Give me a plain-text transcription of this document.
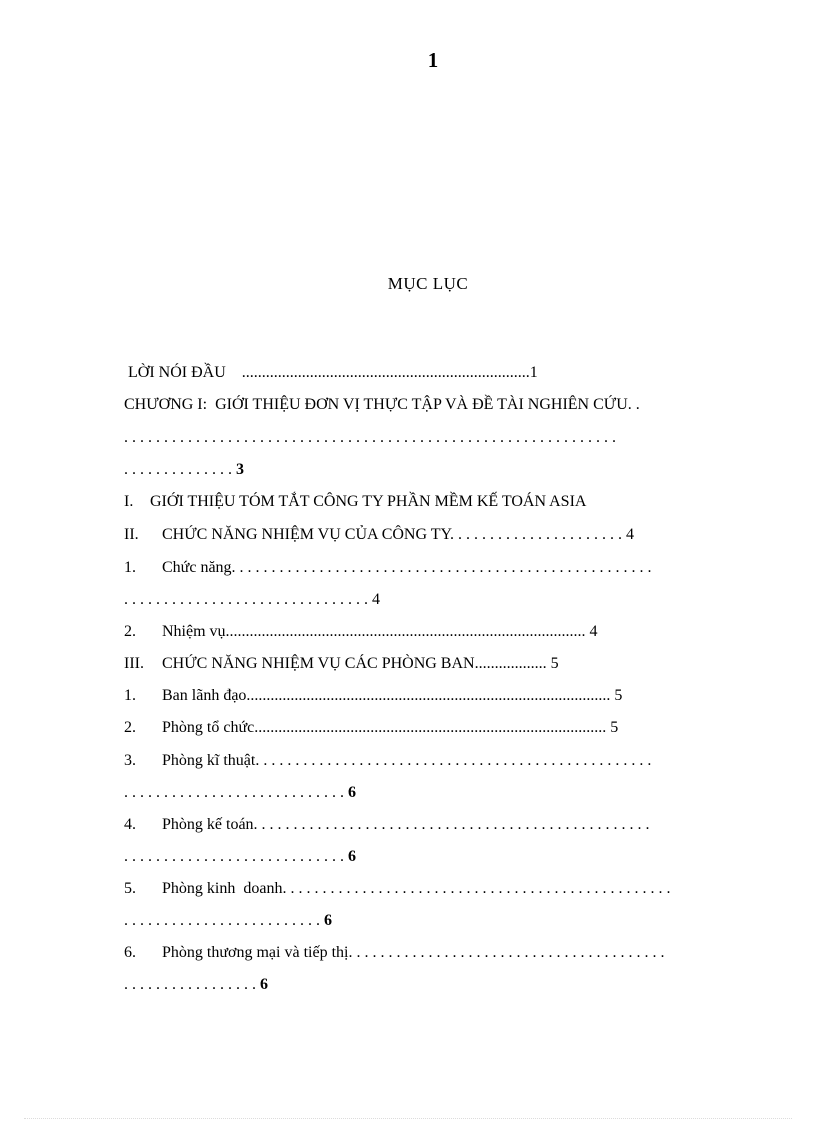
1
MỤC LỤC

LỜI NÓI ĐẦU ........................................................................1

CHƯƠNG I:  GIỚI THIỆU ĐƠN VỊ THỰC TẬP VÀ ĐỀ TÀI NGHIÊN CỨU. .

. . . . . . . . . . . . . . . . . . . . . . . . . . . . . . . . . . . . . . . . . . . . . . . . . . . . . . . . . . . . . .

. . . . . . . . . . . . . . 3

I. GIỚI THIỆU TÓM TẮT CÔNG TY PHẦN MỀM KẾ TOÁN ASIA

II. CHỨC NĂNG NHIỆM VỤ CỦA CÔNG TY. . . . . . . . . . . . . . . . . . . . . . 4

1. Chức năng. . . . . . . . . . . . . . . . . . . . . . . . . . . . . . . . . . . . . . . . . . . . . . . . . . . . .

. . . . . . . . . . . . . . . . . . . . . . . . . . . . . . . 4

2. Nhiệm vụ.......................................................................................... 4

III. CHỨC NĂNG NHIỆM VỤ CÁC PHÒNG BAN.................. 5

1. Ban lãnh đạo........................................................................................... 5

2. Phòng tổ chức........................................................................................ 5

3. Phòng kĩ thuật. . . . . . . . . . . . . . . . . . . . . . . . . . . . . . . . . . . . . . . . . . . . . . . . . .

. . . . . . . . . . . . . . . . . . . . . . . . . . . . 6

4. Phòng kế toán. . . . . . . . . . . . . . . . . . . . . . . . . . . . . . . . . . . . . . . . . . . . . . . . . .

. . . . . . . . . . . . . . . . . . . . . . . . . . . . 6

5. Phòng kinh  doanh. . . . . . . . . . . . . . . . . . . . . . . . . . . . . . . . . . . . . . . . . . . . . . . . .

. . . . . . . . . . . . . . . . . . . . . . . . . 6

6. Phòng thương mại và tiếp thị. . . . . . . . . . . . . . . . . . . . . . . . . . . . . . . . . . . . . . . .

. . . . . . . . . . . . . . . . . 6
